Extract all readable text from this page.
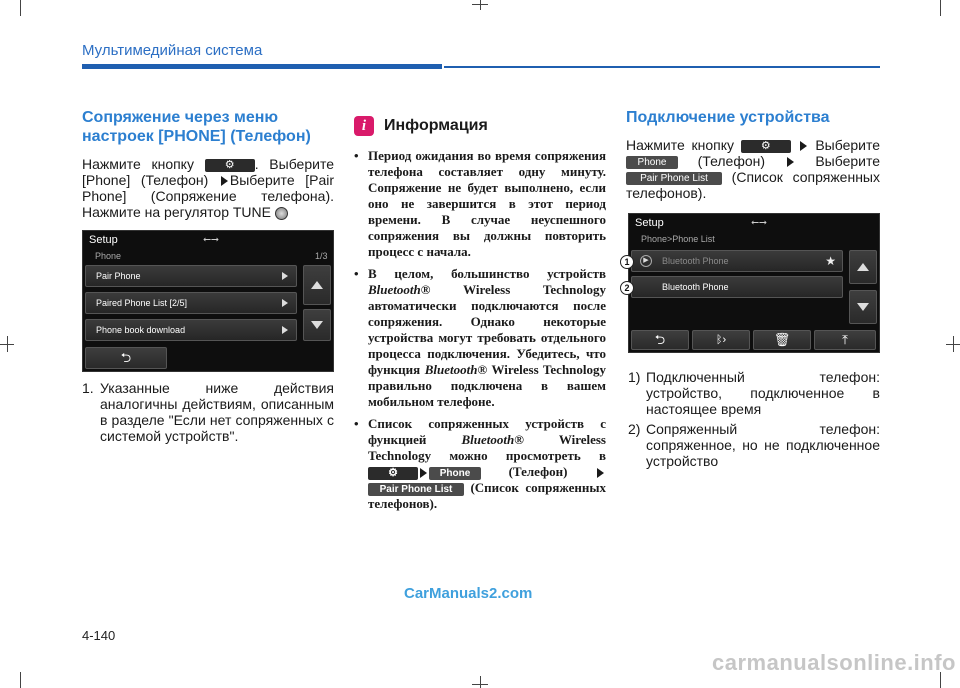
Мультимедийная система
Сопряжение через меню настроек [PHONE] (Телефон)
Нажмите кнопку ⚙	. Выберите [Phone] (Телефон) Выберите [Pair Phone] (Сопряжение телефона). Нажмите на регулятор TUNE
Setup	⭠⭢
Phone	1/3
Pair Phone
Paired Phone List [2/5]
Phone book download
⮌
1. Указанные ниже действия аналогичны действиям, описанным в разделе "Если нет сопряженных с системой устройств".
i	Информация
• Период ожидания во время сопряжения телефона составляет одну минуту. Сопряжение не будет выполнено, если оно не завершится в этот период времени. В случае неуспешного сопряжения вы должны повторить процесс с начала.
• В целом, большинство устройств Bluetooth®	Wireless Technology автоматически подключаются после сопряжения. Однако некоторые устройства могут требовать отдельного процесса подключения. Убедитесь, что функция Bluetooth® Wireless Technology правильно подключена в вашем мобильном телефоне.
• Список сопряженных устройств с функцией	Bluetooth®	Wireless Technology можно просмотреть в ⚙Phone	(Телефон)  Pair Phone List (Список сопряженных телефонов).
Подключение устройства
Нажмите кнопку ⚙	Выберите Phone (Телефон)	Выберите Pair Phone List (Список сопряженных телефонов).
Setup	⭠⭢
Phone>Phone List
▶	Bluetooth Phone	★
Bluetooth Phone
⮌	ᛒ›	🗑	⤒
1
2
1) Подключенный телефон: устройство, подключенное в настоящее время
2) Сопряженный телефон: сопряженное, но не подключенное устройство
CarManuals2.com
4-140
carmanualsonline.info
